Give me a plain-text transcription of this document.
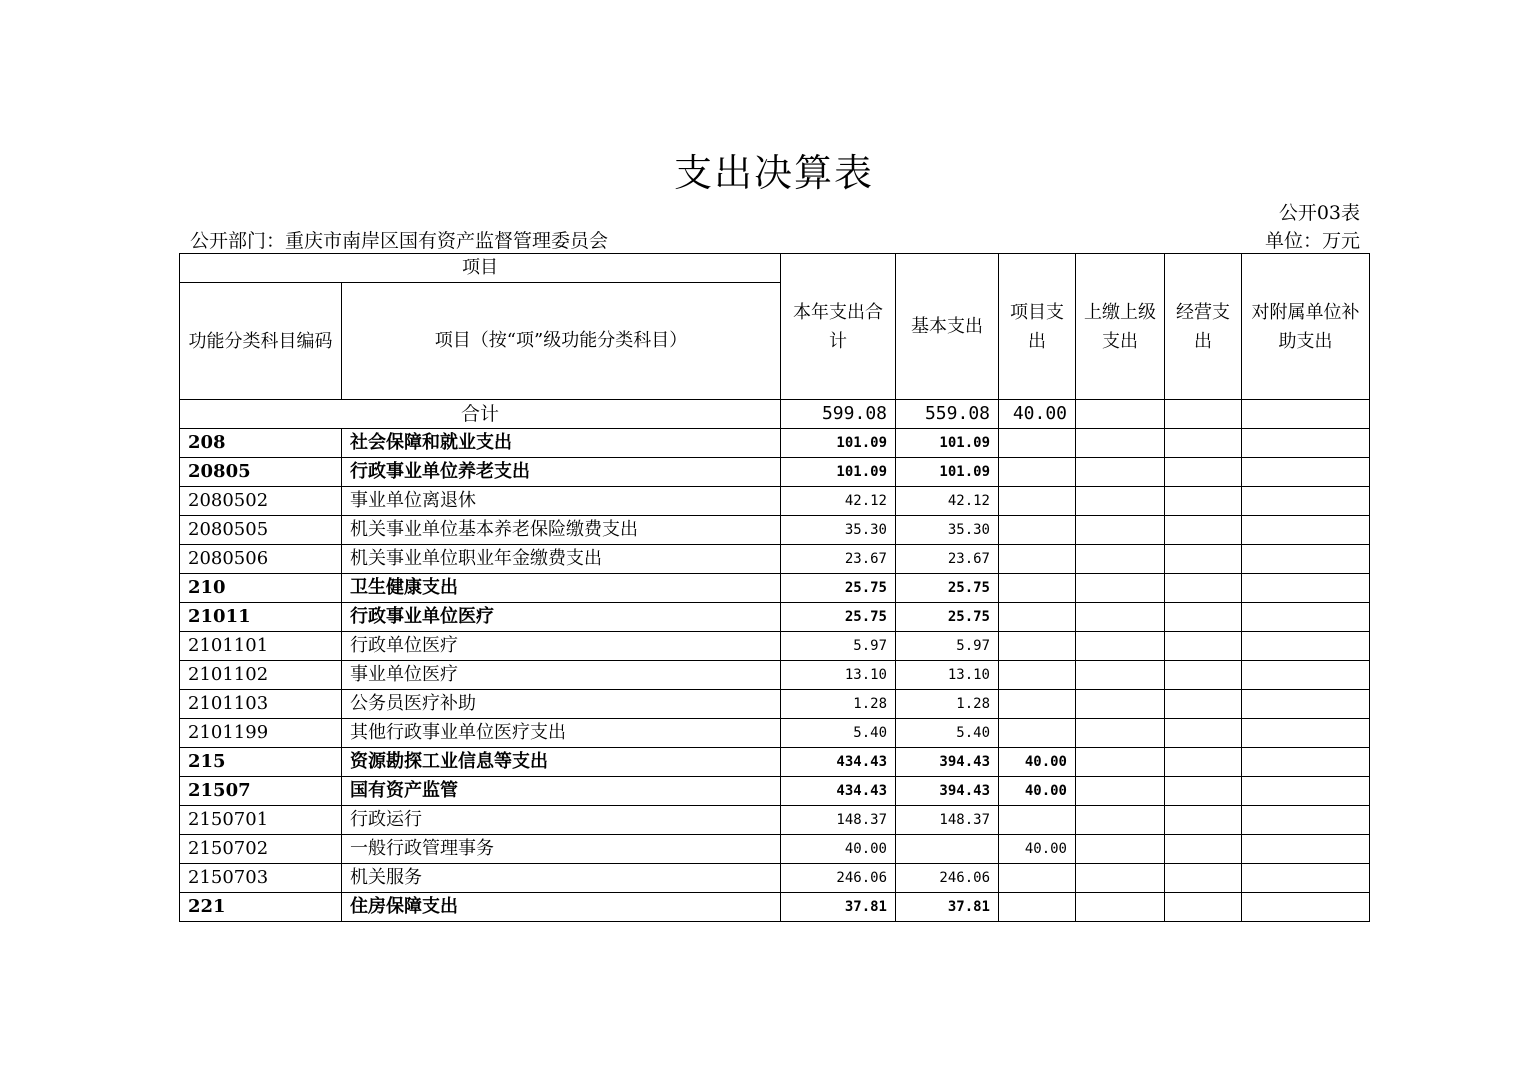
支出决算表
公开03表
公开部门：重庆市南岸区国有资产监督管理委员会	单位：万元
项目		本年支出合计	基本支出	项目支出	上缴上级支出	经营支出	对附属单位补助支出
功能分类科目编码	项目（按“项”级功能分类科目）						
合计		599.08	559.08	40.00			
208	社会保障和就业支出	101.09	101.09				
20805	行政事业单位养老支出	101.09	101.09				
2080502	事业单位离退休	42.12	42.12				
2080505	机关事业单位基本养老保险缴费支出	35.30	35.30				
2080506	机关事业单位职业年金缴费支出	23.67	23.67				
210	卫生健康支出	25.75	25.75				
21011	行政事业单位医疗	25.75	25.75				
2101101	行政单位医疗	5.97	5.97				
2101102	事业单位医疗	13.10	13.10				
2101103	公务员医疗补助	1.28	1.28				
2101199	其他行政事业单位医疗支出	5.40	5.40				
215	资源勘探工业信息等支出	434.43	394.43	40.00			
21507	国有资产监管	434.43	394.43	40.00			
2150701	行政运行	148.37	148.37				
2150702	一般行政管理事务	40.00		40.00			
2150703	机关服务	246.06	246.06				
221	住房保障支出	37.81	37.81				
